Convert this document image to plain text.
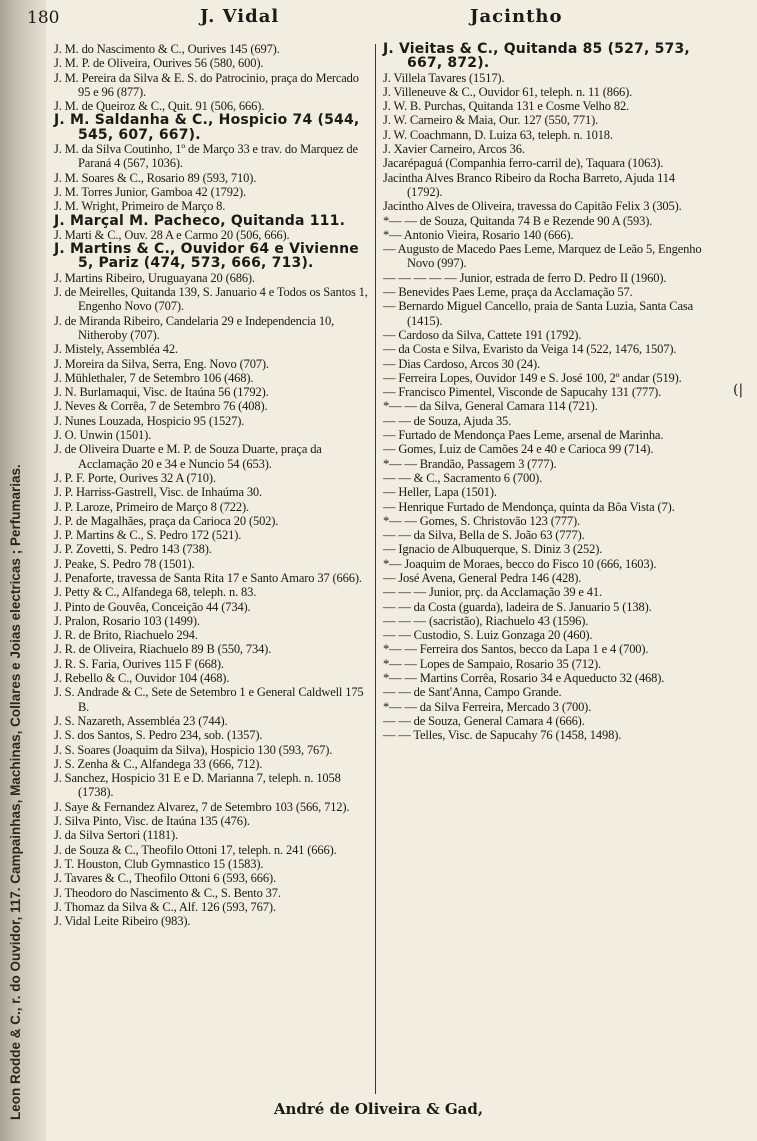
Leon Rodde & C., r. do Ouvidor, 117. Campainhas, Machinas, Collares e Joias electricas ; Perfumarias.
180	J. Vidal	Jacintho
J. M. do Nascimento & C., Ourives 145 (697).
J. M. P. de Oliveira, Ourives 56 (580, 600).
J. M. Pereira da Silva & E. S. do Patrocinio, praça do Mercado 95 e 96 (877).
J. M. de Queiroz & C., Quit. 91 (506, 666).
J. M. Saldanha & C., Hospicio 74 (544, 545, 607, 667).
J. M. da Silva Coutinho, 1º de Março 33 e trav. do Marquez de Paraná 4 (567, 1036).
J. M. Soares & C., Rosario 89 (593, 710).
J. M. Torres Junior, Gamboa 42 (1792).
J. M. Wright, Primeiro de Março 8.
J. Marçal M. Pacheco, Quitanda 111.
J. Marti & C., Ouv. 28 A e Carmo 20 (506, 666).
J. Martins & C., Ouvidor 64 e Vivienne 5, Pariz (474, 573, 666, 713).
J. Martins Ribeiro, Uruguayana 20 (686).
J. de Meirelles, Quitanda 139, S. Januario 4 e Todos os Santos 1, Engenho Novo (707).
J. de Miranda Ribeiro, Candelaria 29 e Independencia 10, Nitheroby (707).
J. Mistely, Assembléa 42.
J. Moreira da Silva, Serra, Eng. Novo (707).
J. Mühlethaler, 7 de Setembro 106 (468).
J. N. Burlamaqui, Visc. de Itaúna 56 (1792).
J. Neves & Corrêa, 7 de Setembro 76 (408).
J. Nunes Louzada, Hospicio 95 (1527).
J. O. Unwin (1501).
J. de Oliveira Duarte e M. P. de Souza Duarte, praça da Acclamação 20 e 34 e Nuncio 54 (653).
J. P. F. Porte, Ourives 32 A (710).
J. P. Harriss-Gastrell, Visc. de Inhaúma 30.
J. P. Laroze, Primeiro de Março 8 (722).
J. P. de Magalhães, praça da Carioca 20 (502).
J. P. Martins & C., S. Pedro 172 (521).
J. P. Zovetti, S. Pedro 143 (738).
J. Peake, S. Pedro 78 (1501).
J. Penaforte, travessa de Santa Rita 17 e Santo Amaro 37 (666).
J. Petty & C., Alfandega 68, teleph. n. 83.
J. Pinto de Gouvêa, Conceição 44 (734).
J. Pralon, Rosario 103 (1499).
J. R. de Brito, Riachuelo 294.
J. R. de Oliveira, Riachuelo 89 B (550, 734).
J. R. S. Faria, Ourives 115 F (668).
J. Rebello & C., Ouvidor 104 (468).
J. S. Andrade & C., Sete de Setembro 1 e General Caldwell 175 B.
J. S. Nazareth, Assembléa 23 (744).
J. S. dos Santos, S. Pedro 234, sob. (1357).
J. S. Soares (Joaquim da Silva), Hospicio 130 (593, 767).
J. S. Zenha & C., Alfandega 33 (666, 712).
J. Sanchez, Hospicio 31 E e D. Marianna 7, teleph. n. 1058 (1738).
J. Saye & Fernandez Alvarez, 7 de Setembro 103 (566, 712).
J. Silva Pinto, Visc. de Itaúna 135 (476).
J. da Silva Sertori (1181).
J. de Souza & C., Theofilo Ottoni 17, teleph. n. 241 (666).
J. T. Houston, Club Gymnastico 15 (1583).
J. Tavares & C., Theofilo Ottoni 6 (593, 666).
J. Theodoro do Nascimento & C., S. Bento 37.
J. Thomaz da Silva & C., Alf. 126 (593, 767).
J. Vidal Leite Ribeiro (983).
J. Vieitas & C., Quitanda 85 (527, 573, 667, 872).
J. Villela Tavares (1517).
J. Villeneuve & C., Ouvidor 61, teleph. n. 11 (866).
J. W. B. Purchas, Quitanda 131 e Cosme Velho 82.
J. W. Carneiro & Maia, Our. 127 (550, 771).
J. W. Coachmann, D. Luiza 63, teleph. n. 1018.
J. Xavier Carneiro, Arcos 36.
Jacarépaguá (Companhia ferro-carril de), Taquara (1063).
Jacintha Alves Branco Ribeiro da Rocha Barreto, Ajuda 114 (1792).
Jacintho Alves de Oliveira, travessa do Capitão Felix 3 (305).
*— — de Souza, Quitanda 74 B e Rezende 90 A (593).
*— Antonio Vieira, Rosario 140 (666).
— Augusto de Macedo Paes Leme, Marquez de Leão 5, Engenho Novo (997).
— — — — — Junior, estrada de ferro D. Pedro II (1960).
— Benevides Paes Leme, praça da Acclamação 57.
— Bernardo Miguel Cancello, praia de Santa Luzia, Santa Casa (1415).
— Cardoso da Silva, Cattete 191 (1792).
— da Costa e Silva, Evaristo da Veiga 14 (522, 1476, 1507).
— Dias Cardoso, Arcos 30 (24).
— Ferreira Lopes, Ouvidor 149 e S. José 100, 2º andar (519).
— Francisco Pimentel, Visconde de Sapucahy 131 (777).
*— — da Silva, General Camara 114 (721).
— — de Souza, Ajuda 35.
— Furtado de Mendonça Paes Leme, arsenal de Marinha.
— Gomes, Luiz de Camões 24 e 40 e Carioca 99 (714).
*— — Brandão, Passagem 3 (777).
— — & C., Sacramento 6 (700).
— Heller, Lapa (1501).
— Henrique Furtado de Mendonça, quinta da Bôa Vista (7).
*— — Gomes, S. Christovão 123 (777).
— — da Silva, Bella de S. João 63 (777).
— Ignacio de Albuquerque, S. Diniz 3 (252).
*— Joaquim de Moraes, becco do Fisco 10 (666, 1603).
— José Avena, General Pedra 146 (428).
— — — Junior, prç. da Acclamação 39 e 41.
— — da Costa (guarda), ladeira de S. Januario 5 (138).
— — — (sacristão), Riachuelo 43 (1596).
— — Custodio, S. Luiz Gonzaga 20 (460).
*— — Ferreira dos Santos, becco da Lapa 1 e 4 (700).
*— — Lopes de Sampaio, Rosario 35 (712).
*— — Martins Corrêa, Rosario 34 e Aqueducto 32 (468).
— — de Sant'Anna, Campo Grande.
*— — da Silva Ferreira, Mercado 3 (700).
— — de Souza, General Camara 4 (666).
— — Telles, Visc. de Sapucahy 76 (1458, 1498).
(|
André de Oliveira & Gad,
